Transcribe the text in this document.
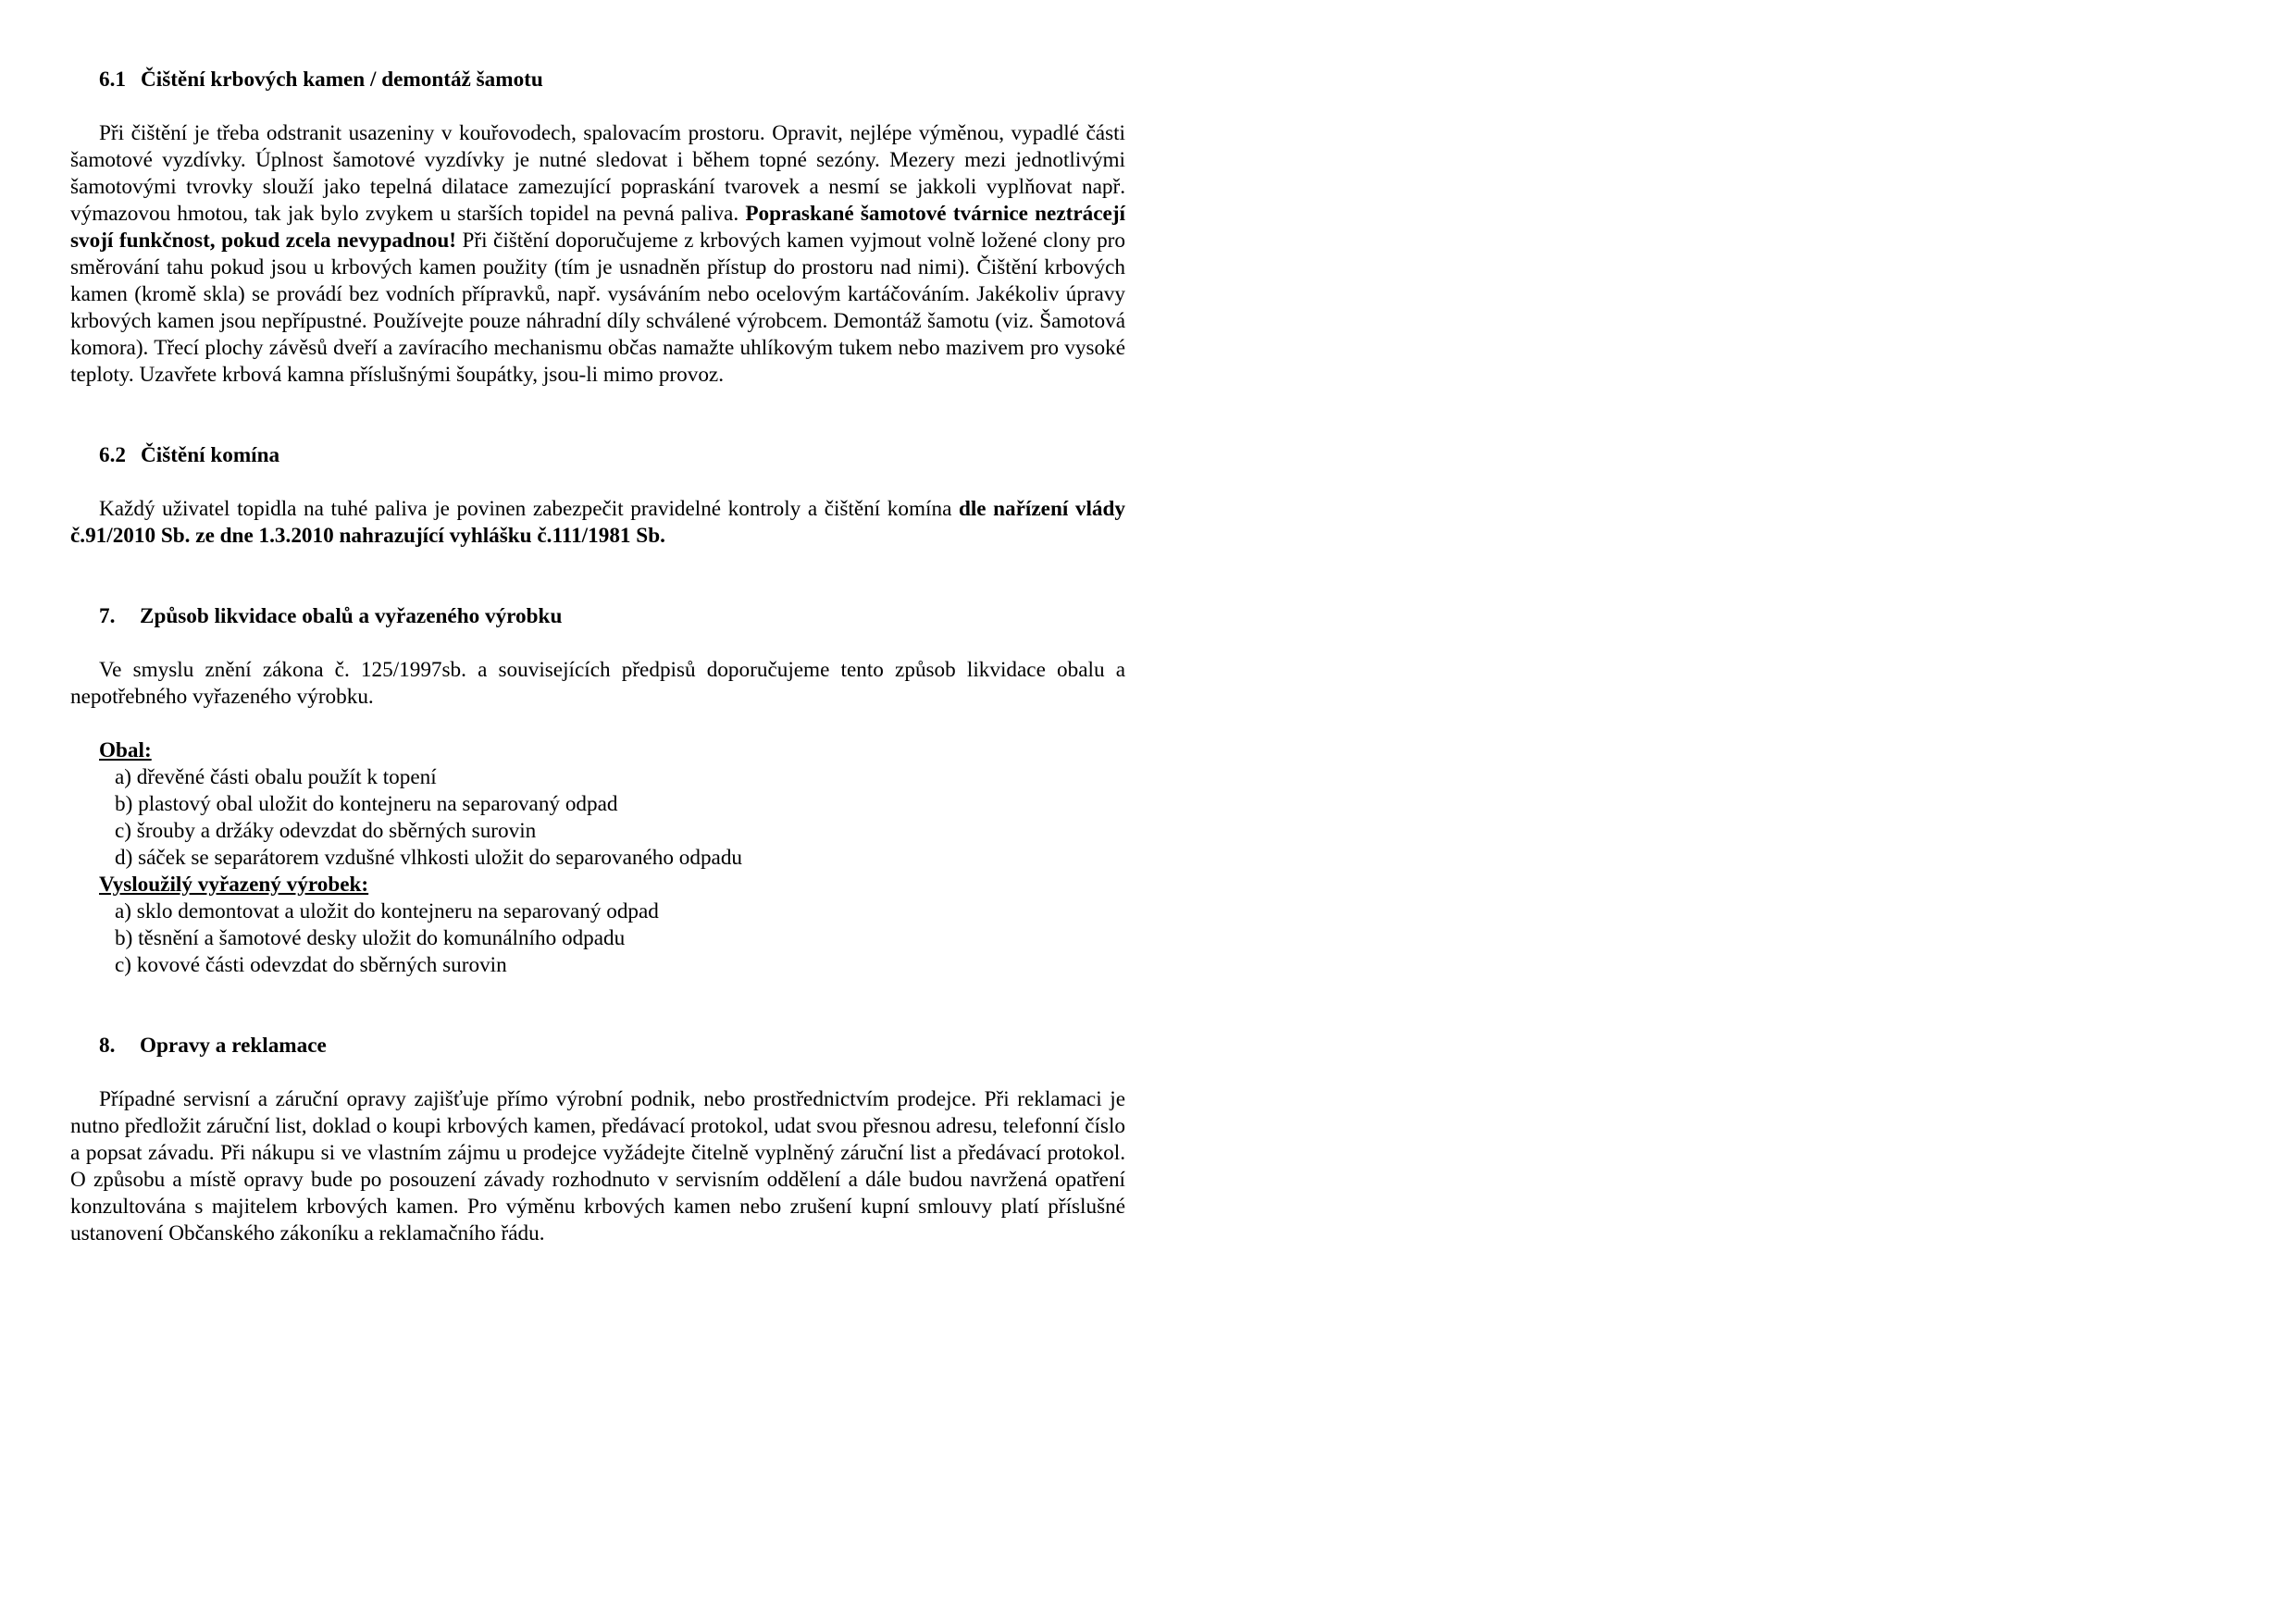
6.1 Čištění krbových kamen / demontáž šamotu

Při čištění je třeba odstranit usazeniny v kouřovodech, spalovacím prostoru. Opravit, nejlépe výměnou, vypadlé části šamotové vyzdívky. Úplnost šamotové vyzdívky je nutné sledovat i během topné sezóny. Mezery mezi jednotlivými šamotovými tvrovky slouží jako tepelná dilatace zamezující popraskání tvarovek a nesmí se jakkoli vyplňovat např. výmazovou hmotou, tak jak bylo zvykem u starších topidel na pevná paliva. Popraskané šamotové tvárnice neztrácejí svojí funkčnost, pokud zcela nevypadnou! Při čištění doporučujeme z krbových kamen vyjmout volně ložené clony pro směrování tahu pokud jsou u krbových kamen použity (tím je usnadněn přístup do prostoru nad nimi). Čištění krbových kamen (kromě skla) se provádí bez vodních přípravků, např. vysáváním nebo ocelovým kartáčováním. Jakékoliv úpravy krbových kamen jsou nepřípustné. Používejte pouze náhradní díly schválené výrobcem. Demontáž šamotu (viz. Šamotová komora). Třecí plochy závěsů dveří a zavíracího mechanismu občas namažte uhlíkovým tukem nebo mazivem pro vysoké teploty. Uzavřete krbová kamna příslušnými šoupátky, jsou-li mimo provoz.

6.2 Čištění komína

Každý uživatel topidla na tuhé paliva je povinen zabezpečit pravidelné kontroly a čištění komína dle nařízení vlády č.91/2010 Sb. ze dne 1.3.2010 nahrazující vyhlášku č.111/1981 Sb.

7. Způsob likvidace obalů a vyřazeného výrobku

Ve smyslu znění zákona č. 125/1997sb. a souvisejících předpisů doporučujeme tento způsob likvidace obalu a nepotřebného vyřazeného výrobku.

Obal:

a) dřevěné části obalu použít k topení
b) plastový obal uložit do kontejneru na separovaný odpad
c) šrouby a držáky odevzdat do sběrných surovin
d) sáček se separátorem vzdušné vlhkosti uložit do separovaného odpadu

Vysloužilý vyřazený výrobek:

a) sklo demontovat a uložit do kontejneru na separovaný odpad
b) těsnění a šamotové desky uložit do komunálního odpadu
c) kovové části odevzdat do sběrných surovin

8. Opravy a reklamace

Případné servisní a záruční opravy zajišťuje přímo výrobní podnik, nebo prostřednictvím prodejce. Při reklamaci je nutno předložit záruční list, doklad o koupi krbových kamen, předávací protokol, udat svou přesnou adresu, telefonní číslo a popsat závadu. Při nákupu si ve vlastním zájmu u prodejce vyžádejte čitelně vyplněný záruční list a předávací protokol. O způsobu a místě opravy bude po posouzení závady rozhodnuto v servisním oddělení a dále budou navržená opatření konzultována s majitelem krbových kamen. Pro výměnu krbových kamen nebo zrušení kupní smlouvy platí příslušné ustanovení Občanského zákoníku a reklamačního řádu.
